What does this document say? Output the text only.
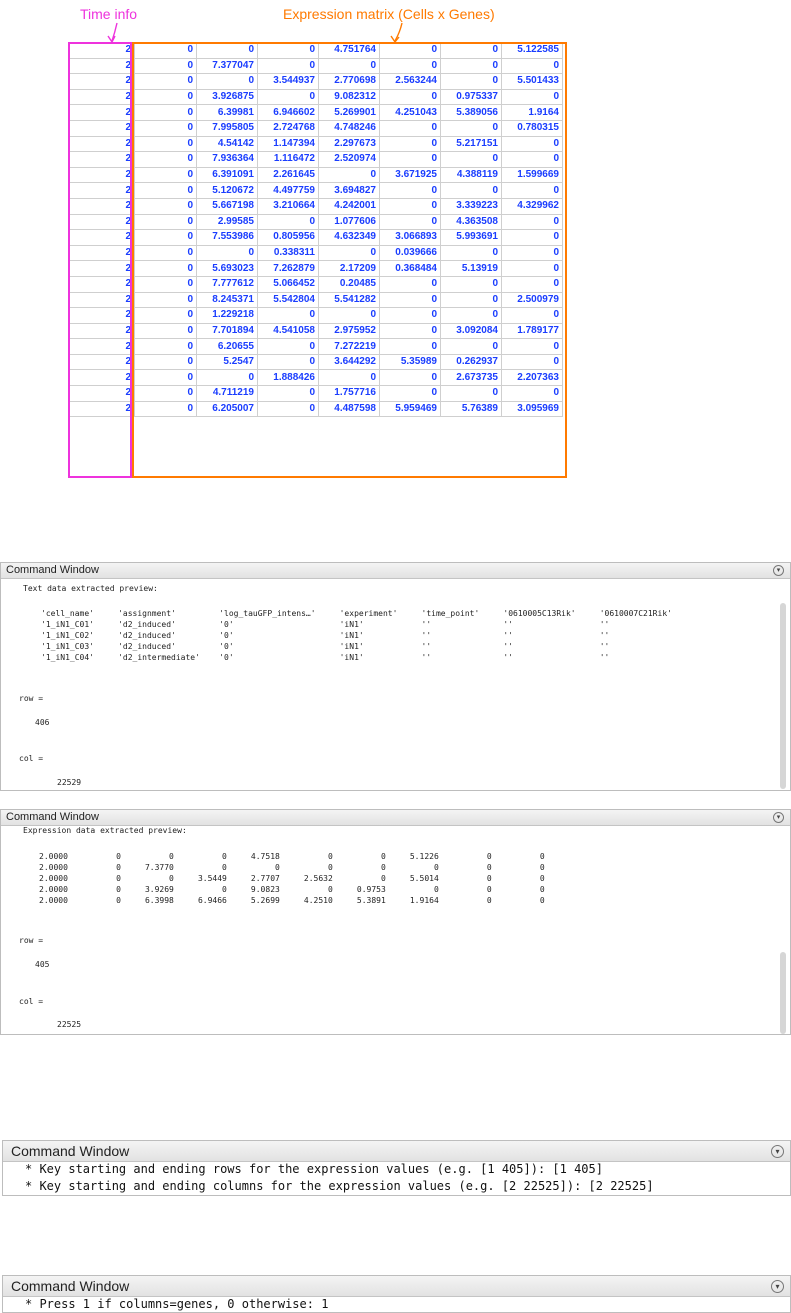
Time info	Expression matrix (Cells x Genes)
2	0	0	0	4.751764	0	0	5.122585
2	0	7.377047	0	0	0	0	0
2	0	0	3.544937	2.770698	2.563244	0	5.501433
2	0	3.926875	0	9.082312	0	0.975337	0
2	0	6.39981	6.946602	5.269901	4.251043	5.389056	1.9164
2	0	7.995805	2.724768	4.748246	0	0	0.780315
2	0	4.54142	1.147394	2.297673	0	5.217151	0
2	0	7.936364	1.116472	2.520974	0	0	0
2	0	6.391091	2.261645	0	3.671925	4.388119	1.599669
2	0	5.120672	4.497759	3.694827	0	0	0
2	0	5.667198	3.210664	4.242001	0	3.339223	4.329962
2	0	2.99585	0	1.077606	0	4.363508	0
2	0	7.553986	0.805956	4.632349	3.066893	5.993691	0
2	0	0	0.338311	0	0.039666	0	0
2	0	5.693023	7.262879	2.17209	0.368484	5.13919	0
2	0	7.777612	5.066452	0.20485	0	0	0
2	0	8.245371	5.542804	5.541282	0	0	2.500979
2	0	1.229218	0	0	0	0	0
2	0	7.701894	4.541058	2.975952	0	3.092084	1.789177
2	0	6.20655	0	7.272219	0	0	0
2	0	5.2547	0	3.644292	5.35989	0.262937	0
2	0	0	1.888426	0	0	2.673735	2.207363
2	0	4.711219	0	1.757716	0	0	0
2	0	6.205007	0	4.487598	5.959469	5.76389	3.095969
Command Window	▾
Text data extracted preview:
'cell_name'     'assignment'         'log_tauGFP_intens…'     'experiment'     'time_point'     '0610005C13Rik'     '0610007C21Rik'
'1_iN1_C01'     'd2_induced'         '0'                      'iN1'            ''               ''                  ''
'1_iN1_C02'     'd2_induced'         '0'                      'iN1'            ''               ''                  ''
'1_iN1_C03'     'd2_induced'         '0'                      'iN1'            ''               ''                  ''
'1_iN1_C04'     'd2_intermediate'    '0'                      'iN1'            ''               ''                  ''
row =
406
col =
22529
Command Window	▾
Expression data extracted preview:
2.0000          0          0          0     4.7518          0          0     5.1226          0          0
2.0000          0     7.3770          0          0          0          0          0          0          0
2.0000          0          0     3.5449     2.7707     2.5632          0     5.5014          0          0
2.0000          0     3.9269          0     9.0823          0     0.9753          0          0          0
2.0000          0     6.3998     6.9466     5.2699     4.2510     5.3891     1.9164          0          0
row =
405
col =
22525
Command Window	▾
* Key starting and ending rows for the expression values (e.g. [1 405]): [1 405]
* Key starting and ending columns for the expression values (e.g. [2 22525]): [2 22525]
Command Window	▾
* Press 1 if columns=genes, 0 otherwise: 1
